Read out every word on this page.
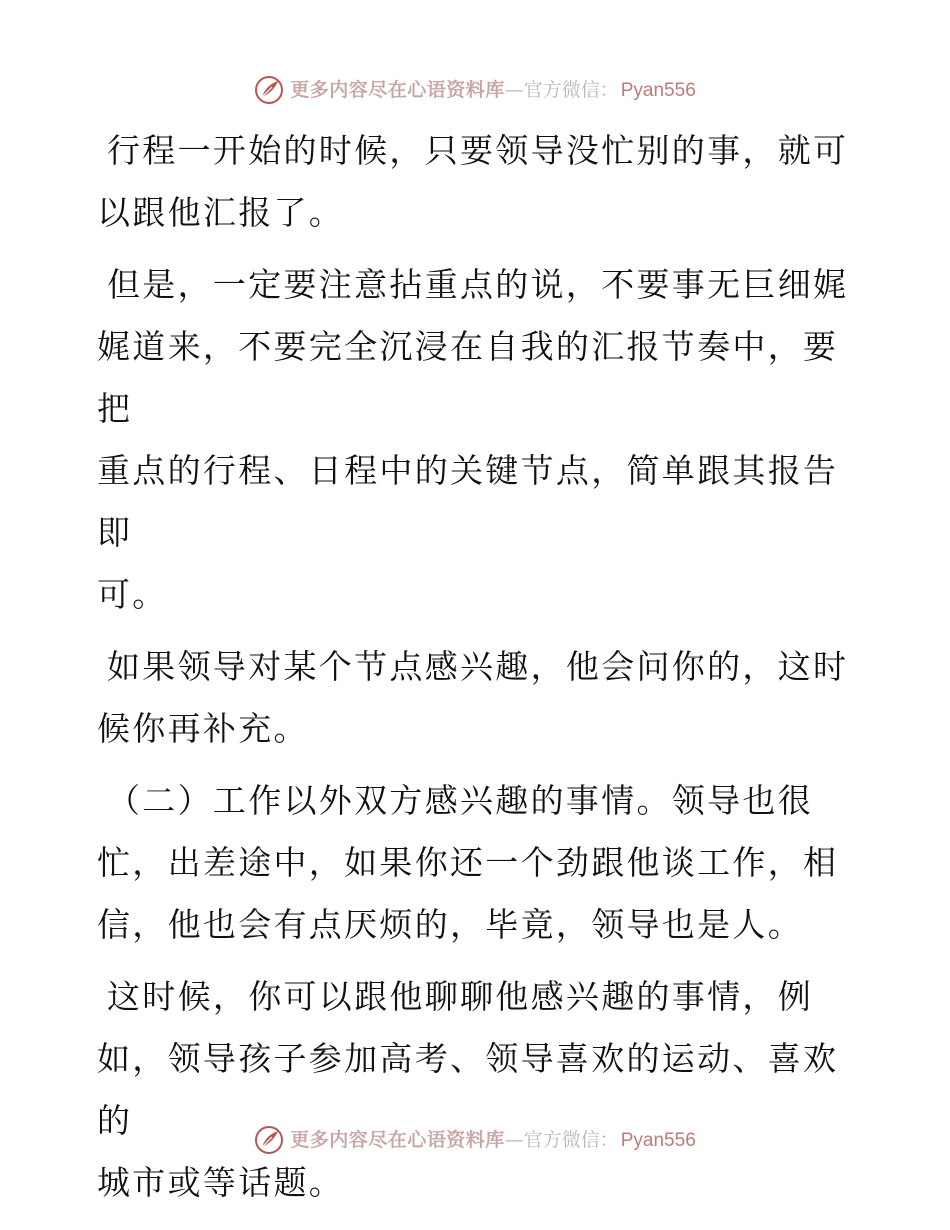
更多内容尽在心语资料库 — 官方微信： Pyan556
行程一开始的时候，只要领导没忙别的事，就可
以跟他汇报了。
但是，一定要注意拈重点的说，不要事无巨细娓
娓道来，不要完全沉浸在自我的汇报节奏中，要把
重点的行程、日程中的关键节点，简单跟其报告即
可。
如果领导对某个节点感兴趣，他会问你的，这时
候你再补充。
（二）工作以外双方感兴趣的事情。领导也很
忙，出差途中，如果你还一个劲跟他谈工作，相
信，他也会有点厌烦的，毕竟，领导也是人。
这时候，你可以跟他聊聊他感兴趣的事情，例
如，领导孩子参加高考、领导喜欢的运动、喜欢的
城市或等话题。
更多内容尽在心语资料库 — 官方微信： Pyan556
